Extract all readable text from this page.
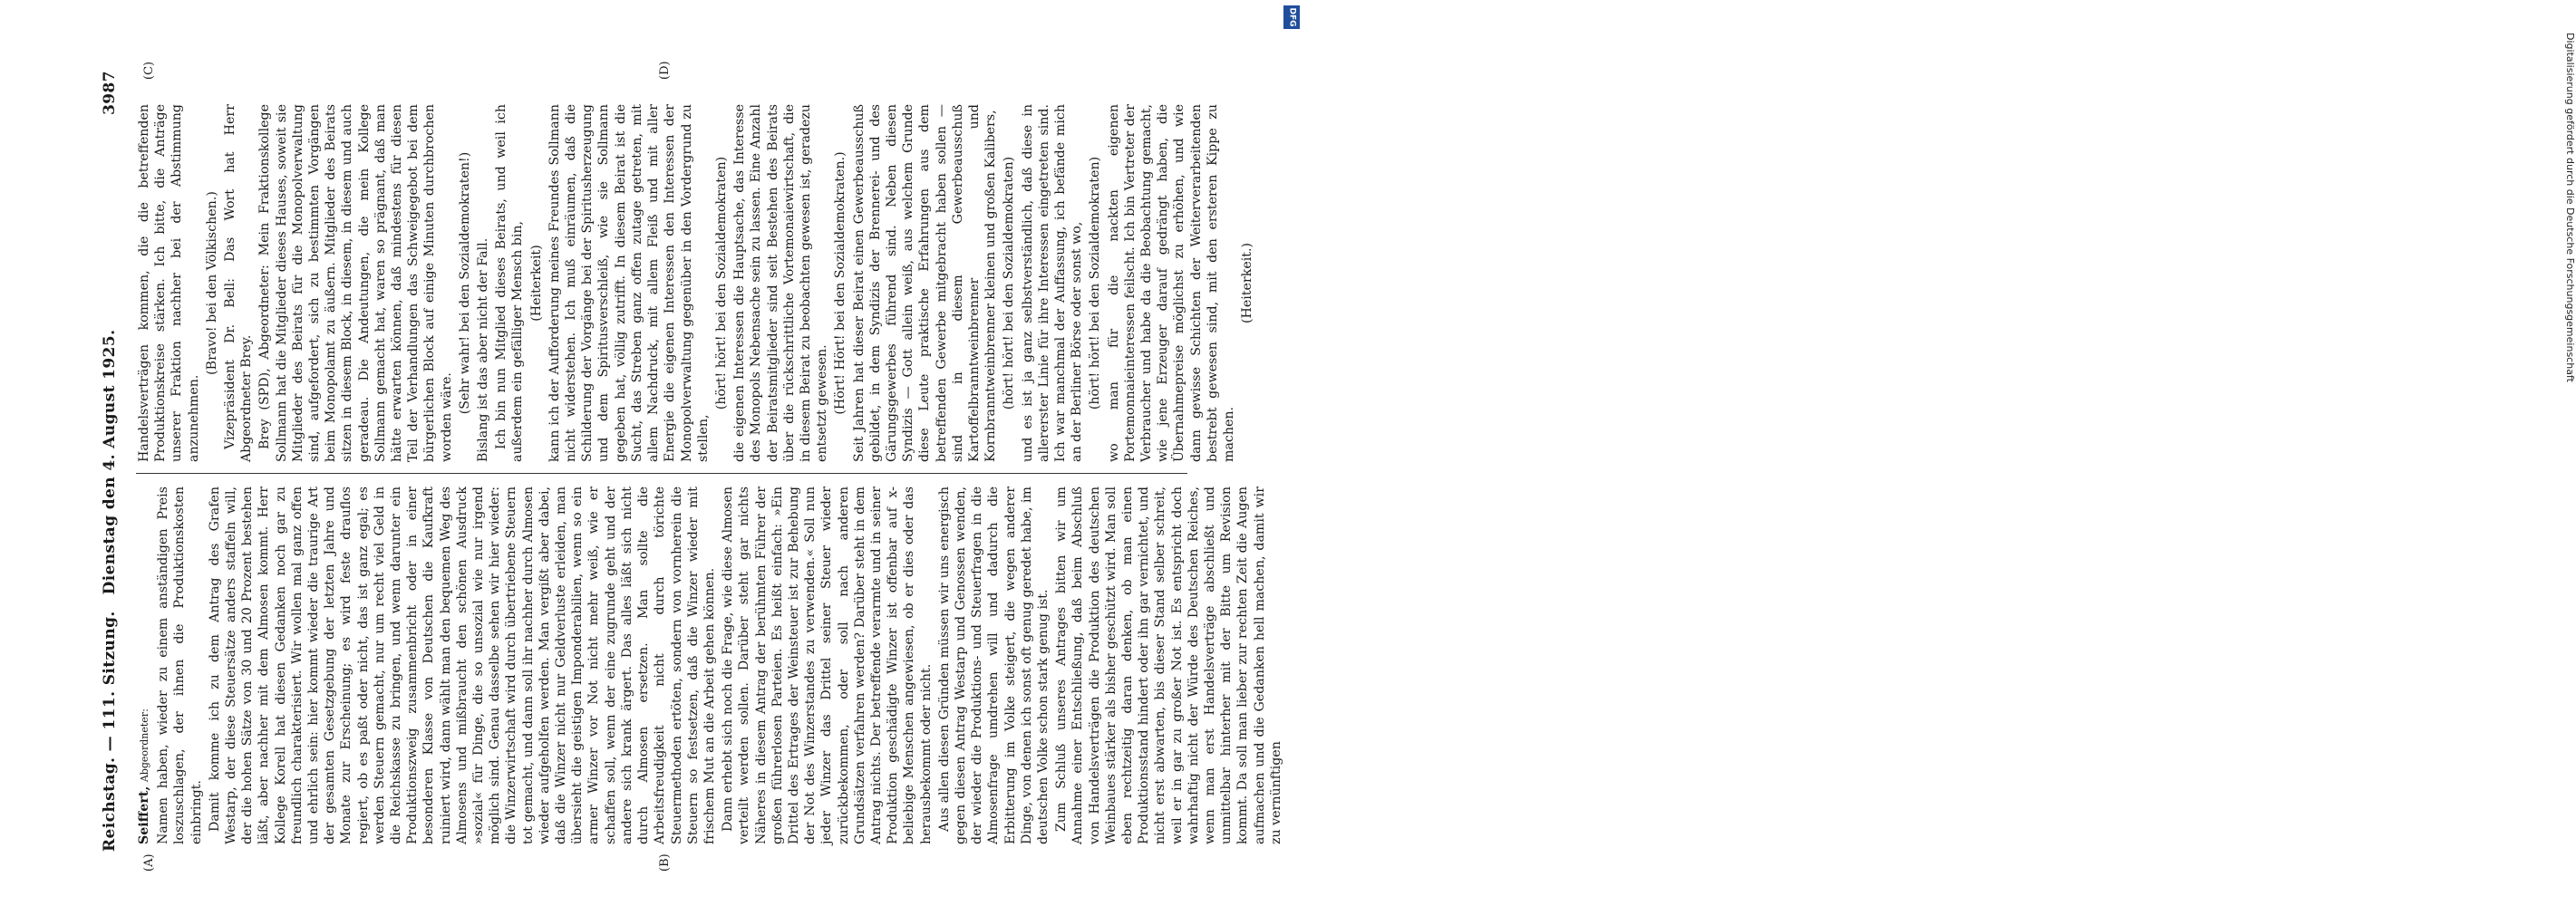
Reichstag. — 111. Sitzung.
Dienstag den 4. August 1925.
3987
(A)	(B)
(C)	(D)

Seiffert, Abgeordneter: Namen haben, wieder zu einem anständigen Preis loszuschlagen, der ihnen die Produktionskosten einbringt. Damit komme ich zu dem Antrag des Grafen Westarp, der diese Steuersätze anders staffeln will, der die hohen Sätze von 30 und 20 Prozent bestehen läßt, aber nachher mit dem Almosen kommt. Herr Kollege Korell hat diesen Gedanken noch gar zu freundlich charakterisiert. Wir wollen mal ganz offen und ehrlich sein: hier kommt wieder die traurige Art der gesamten Gesetzgebung der letzten Jahre und Monate zur Erscheinung; es wird feste drauflos regiert, ob es paßt oder nicht, das ist ganz egal; es werden Steuern gemacht, nur um recht viel Geld in die Reichskasse zu bringen, und wenn darunter ein Produktionszweig zusammenbricht oder in einer besonderen Klasse von Deutschen die Kaufkraft ruiniert wird, dann wählt man den bequemen Weg des Almosens und mißbraucht den schönen Ausdruck »sozial« für Dinge, die so unsozial wie nur irgend möglich sind. Genau dasselbe sehen wir hier wieder: die Winzerwirtschaft wird durch übertriebene Steuern tot gemacht, und dann soll ihr nachher durch Almosen wieder aufgeholfen werden. Man vergißt aber dabei, daß die Winzer nicht nur Geldverluste erleiden, man übersieht die geistigen Imponderabilien, wenn so ein armer Winzer vor Not nicht mehr weiß, wie er schaffen soll, wenn der eine zugrunde geht und der andere sich krank ärgert. Das alles läßt sich nicht durch Almosen ersetzen. Man sollte die Arbeitsfreudigkeit nicht durch törichte Steuermethoden ertöten, sondern von vornherein die Steuern so festsetzen, daß die Winzer wieder mit frischem Mut an die Arbeit gehen können. Dann erhebt sich noch die Frage, wie diese Almosen verteilt werden sollen. Darüber steht gar nichts Näheres in diesem Antrag der berühmten Führer der großen führerlosen Parteien. Es heißt einfach: »Ein Drittel des Ertrages der Weinsteuer ist zur Behebung der Not des Winzerstandes zu verwenden.« Soll nun jeder Winzer das Drittel seiner Steuer wieder zurückbekommen, oder soll nach anderen Grundsätzen verfahren werden? Darüber steht in dem Antrag nichts. Der betreffende verarmte und in seiner Produktion geschädigte Winzer ist offenbar auf x-beliebige Menschen angewiesen, ob er dies oder das herausbekommt oder nicht. Aus allen diesen Gründen müssen wir uns energisch gegen diesen Antrag Westarp und Genossen wenden, der wieder die Produktions- und Steuerfragen in die Almosenfrage umdrehen will und dadurch die Erbitterung im Volke steigert, die wegen anderer Dinge, von denen ich sonst oft genug geredet habe, im deutschen Volke schon stark genug ist. Zum Schluß unseres Antrages bitten wir um Annahme einer Entschließung, daß beim Abschluß von Handelsverträgen die Produktion des deutschen Weinbaues stärker als bisher geschützt wird. Man soll eben rechtzeitig daran denken, ob man einen Produktionsstand hindert oder ihn gar vernichtet, und nicht erst abwarten, bis dieser Stand selber schreit, weil er in gar zu großer Not ist. Es entspricht doch wahrhaftig nicht der Würde des Deutschen Reiches, wenn man erst Handelsverträge abschließt und unmittelbar hinterher mit der Bitte um Revision kommt. Da soll man lieber zur rechten Zeit die Augen aufmachen und die Gedanken hell machen, damit wir zu vernünftigen

Handelsverträgen kommen, die die betreffenden Produktionskreise stärken. Ich bitte, die Anträge unserer Fraktion nachher bei der Abstimmung anzunehmen.

(Bravo! bei den Völkischen.) Vizepräsident Dr. Bell: Das Wort hat Herr Abgeordneter Brey. Brey (SPD), Abgeordneter: Mein Fraktionskollege Sollmann hat die Mitglieder dieses Hauses, soweit sie Mitglieder des Beirats für die Monopolverwaltung sind, aufgefordert, sich zu bestimmten Vorgängen beim Monopolamt zu äußern. Mitglieder des Beirats sitzen in diesem Block, in diesem, in diesem und auch geradeau. Die Andeutungen, die mein Kollege Sollmann gemacht hat, waren so prägnant, daß man hätte erwarten können, daß mindestens für diesen Teil der Verhandlungen das Schweigegebot bei dem bürgerlichen Block auf einige Minuten durchbrochen worden wäre.

(Sehr wahr! bei den Sozialdemokraten!) Bislang ist das aber nicht der Fall. Ich bin nun Mitglied dieses Beirats, und weil ich außerdem ein gefälliger Mensch bin, (Heiterkeit) kann ich der Aufforderung meines Freundes Sollmann nicht widerstehen. Ich muß einräumen, daß die Schilderung der Vorgänge bei der Spiritusherzeugung und dem Spiritusverschleiß, wie sie Sollmann gegeben hat, völlig zutrifft. In diesem Beirat ist die Sucht, das Streben ganz offen zutage getreten, mit allem Nachdruck, mit allem Fleiß und mit aller Energie die eigenen Interessen den Interessen der Monopolverwaltung gegenüber in den Vordergrund zu stellen,

(hört! hört! bei den Sozialdemokraten) die eigenen Interessen die Hauptsache, das Interesse des Monopols Nebensache sein zu lassen. Eine Anzahl der Beiratsmitglieder sind seit Bestehen des Beirats über die rückschrittliche Vortemonaiewirtschaft, die in diesem Beirat zu beobachten gewesen ist, geradezu entsetzt gewesen. (Hört! Hört! bei den Sozialdemokraten.) Seit Jahren hat dieser Beirat einen Gewerbeausschuß gebildet, in dem Syndizis der Brennerei- und des Gärungsgewerbes führend sind. Neben diesen Syndizis — Gott allein weiß, aus welchem Grunde diese Leute praktische Erfahrungen aus dem betreffenden Gewerbe mitgebracht haben sollen — sind in diesem Gewerbeausschuß Kartoffelbranntweinbrenner und Kornbranntweinbrenner kleinen und großen Kalibers, (hört! hört! bei den Sozialdemokraten) und es ist ja ganz selbstverständlich, daß diese in allererster Linie für ihre Interessen eingetreten sind. Ich war manchmal der Auffassung, ich befände mich an der Berliner Börse oder sonst wo, (hört! hört! bei den Sozialdemokraten) wo man für die nackten eigenen Portemonnaieinteressen feilscht. Ich bin Vertreter der Verbraucher und habe da die Beobachtung gemacht, wie jene Erzeuger darauf gedrängt haben, die Übernahmepreise möglichst zu erhöhen, und wie dann gewisse Schichten der Weiterverarbeitenden bestrebt gewesen sind, mit den ersteren Kippe zu machen.

(Heiterkeit.)

DFG
Digitalisierung gefördert durch die Deutsche Forschungsgemeinschaft
